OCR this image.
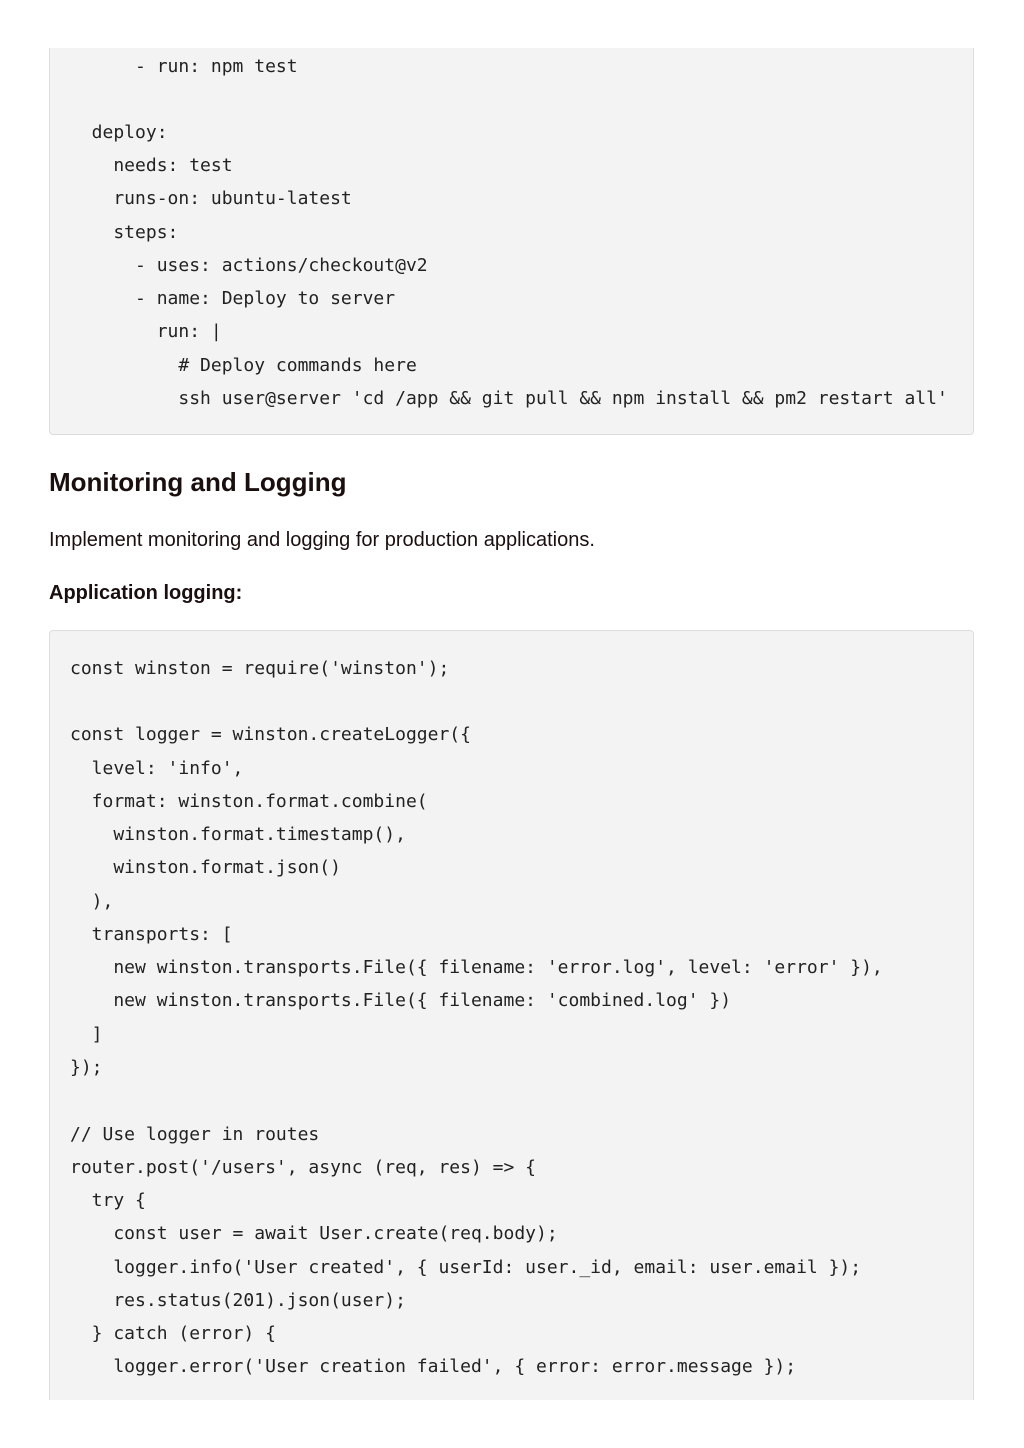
- run: npm test
deploy:
needs: test
runs-on: ubuntu-latest
steps:
- uses: actions/checkout@v2
- name: Deploy to server
run: |
# Deploy commands here
ssh user@server 'cd /app && git pull && npm install && pm2 restart all'
Monitoring and Logging

Implement monitoring and logging for production applications.

Application logging:

const winston = require('winston');
const logger = winston.createLogger({
level: 'info',
format: winston.format.combine(
winston.format.timestamp(),
winston.format.json()
),
transports: [
new winston.transports.File({ filename: 'error.log', level: 'error' }),
new winston.transports.File({ filename: 'combined.log' })
]
});
// Use logger in routes
router.post('/users', async (req, res) => {
try {
const user = await User.create(req.body);
logger.info('User created', { userId: user._id, email: user.email });
res.status(201).json(user);
} catch (error) {
logger.error('User creation failed', { error: error.message });
